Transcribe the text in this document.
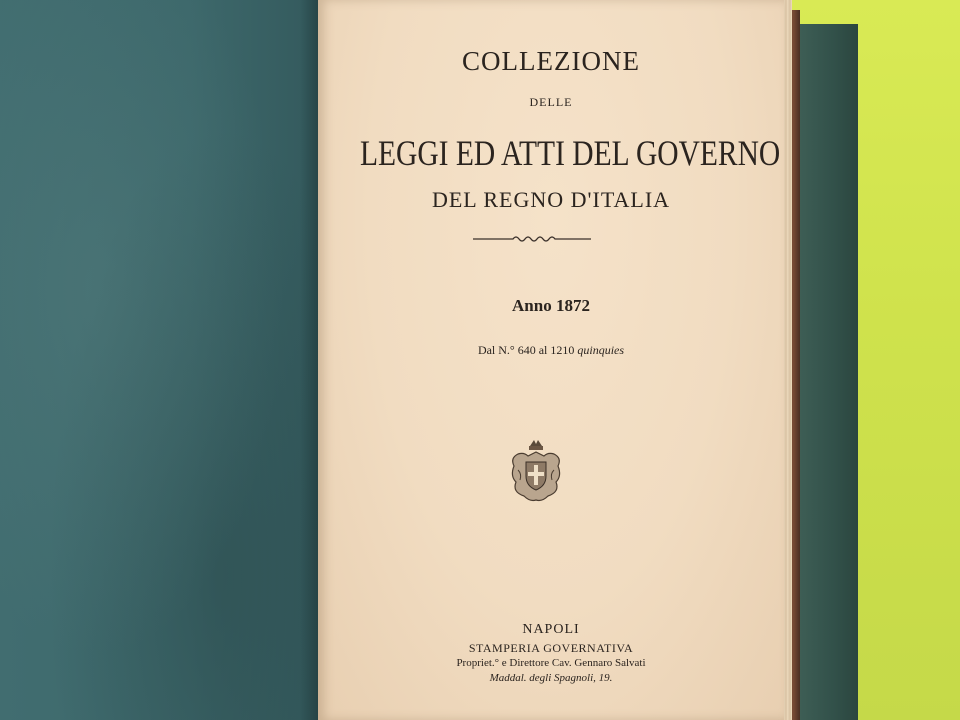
COLLEZIONE
DELLE
LEGGI ED ATTI DEL GOVERNO
DEL REGNO D'ITALIA
Anno 1872
Dal N.° 640 al 1210 quinquies
NAPOLI
STAMPERIA GOVERNATIVA
Propriet.° e Direttore Cav. Gennaro Salvati
Maddal. degli Spagnoli, 19.
